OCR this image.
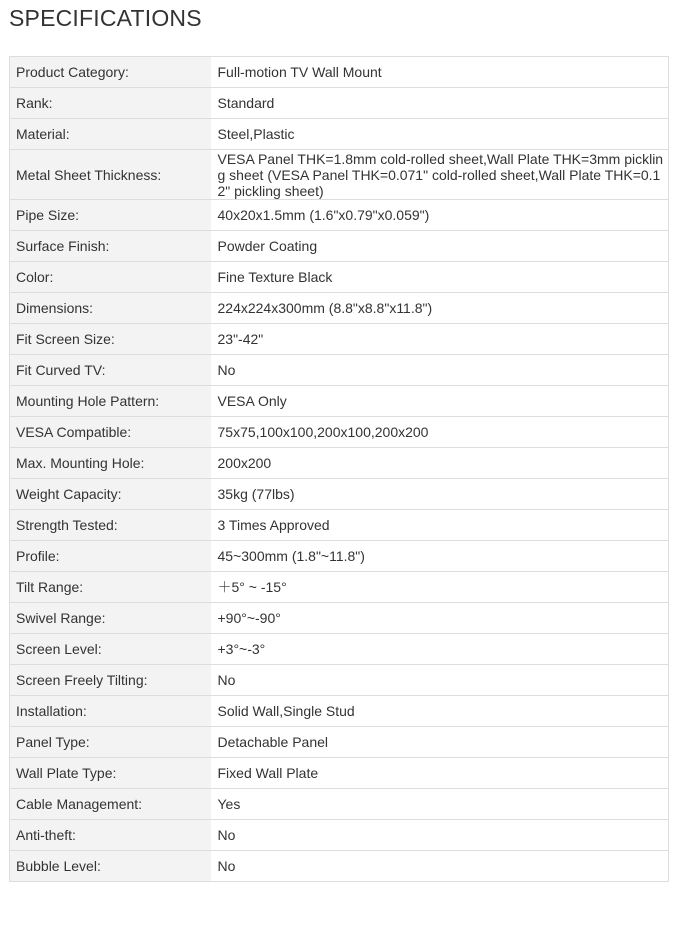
SPECIFICATIONS
Product Category:	Full-motion TV Wall Mount
Rank:	Standard
Material:	Steel,Plastic
Metal Sheet Thickness:	VESA Panel THK=1.8mm cold-rolled sheet,Wall Plate THK=3mm pickling sheet (VESA Panel THK=0.071" cold-rolled sheet,Wall Plate THK=0.12" pickling sheet)
Pipe Size:	40x20x1.5mm (1.6"x0.79"x0.059")
Surface Finish:	Powder Coating
Color:	Fine Texture Black
Dimensions:	224x224x300mm (8.8"x8.8"x11.8")
Fit Screen Size:	23"-42"
Fit Curved TV:	No
Mounting Hole Pattern:	VESA Only
VESA Compatible:	75x75,100x100,200x100,200x200
Max. Mounting Hole:	200x200
Weight Capacity:	35kg (77lbs)
Strength Tested:	3 Times Approved
Profile:	45~300mm (1.8"~11.8")
Tilt Range:	＋5° ~ -15°
Swivel Range:	+90°~-90°
Screen Level:	+3°~-3°
Screen Freely Tilting:	No
Installation:	Solid Wall,Single Stud
Panel Type:	Detachable Panel
Wall Plate Type:	Fixed Wall Plate
Cable Management:	Yes
Anti-theft:	No
Bubble Level:	No
